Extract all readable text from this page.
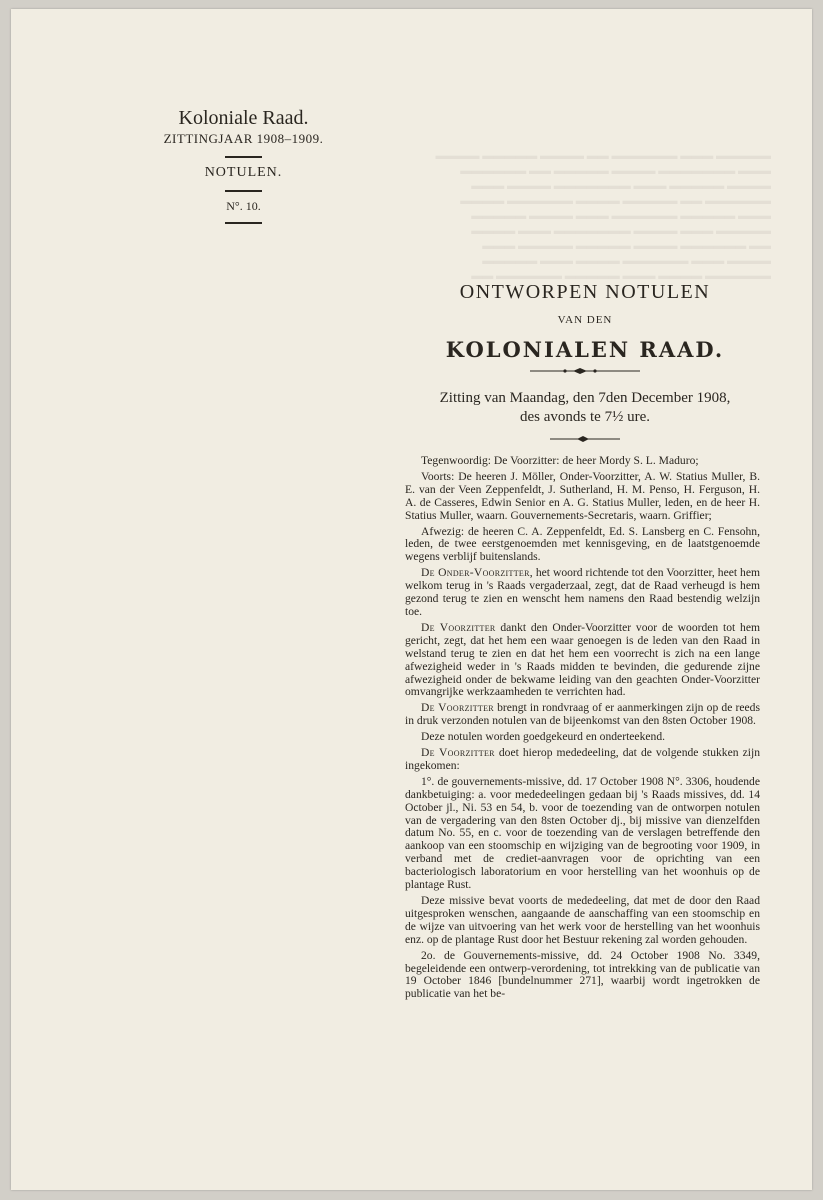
▬▬▬▬▬ ▬▬▬ ▬▬▬▬▬▬ ▬▬ ▬▬▬▬ ▬▬▬▬▬ ▬▬▬▬
▬▬▬ ▬▬▬▬▬▬▬ ▬▬▬▬ ▬▬▬▬▬ ▬▬ ▬▬▬▬▬▬
▬▬▬▬ ▬▬▬▬▬ ▬▬▬ ▬▬▬▬▬▬▬ ▬▬▬▬ ▬▬▬
▬▬▬▬▬▬ ▬▬ ▬▬▬▬▬ ▬▬▬▬ ▬▬▬▬▬▬ ▬▬▬▬
▬▬▬ ▬▬▬▬▬ ▬▬▬▬▬▬ ▬▬▬ ▬▬▬▬ ▬▬▬▬▬
▬▬▬▬▬ ▬▬▬ ▬▬▬▬ ▬▬▬▬▬▬▬ ▬▬▬ ▬▬▬▬
▬▬ ▬▬▬▬▬▬ ▬▬▬▬ ▬▬▬▬▬ ▬▬▬▬▬ ▬▬▬
▬▬▬▬ ▬▬▬ ▬▬▬▬▬▬ ▬▬▬▬ ▬▬▬ ▬▬▬▬▬
▬▬▬▬▬▬ ▬▬▬▬ ▬▬▬ ▬▬▬▬▬ ▬▬▬▬▬▬ ▬▬
Koloniale Raad.
ZITTINGJAAR 1908–1909.
NOTULEN.
N°. 10.
ONTWORPEN NOTULEN
VAN DEN
KOLONIALEN RAAD.
Zitting van Maandag, den 7den December 1908,
des avonds te 7½ ure.

Tegenwoordig: De Voorzitter: de heer Mordy S. L. Maduro;

Voorts: De heeren J. Möller, Onder-Voorzitter, A. W. Statius Muller, B. E. van der Veen Zeppenfeldt, J. Sutherland, H. M. Penso, H. Ferguson, H. A. de Casseres, Edwin Senior en A. G. Statius Muller, leden, en de heer H. Statius Muller, waarn. Gouvernements-Secretaris, waarn. Griffier;

Afwezig: de heeren C. A. Zeppenfeldt, Ed. S. Lansberg en C. Fensohn, leden, de twee eerstgenoemden met kennisgeving, en de laatstgenoemde wegens verblijf buitenslands.

De Onder-Voorzitter, het woord richtende tot den Voorzitter, heet hem welkom terug in 's Raads vergaderzaal, zegt, dat de Raad verheugd is hem gezond terug te zien en wenscht hem namens den Raad bestendig welzijn toe.

De Voorzitter dankt den Onder-Voorzitter voor de woorden tot hem gericht, zegt, dat het hem een waar genoegen is de leden van den Raad in welstand terug te zien en dat het hem een voorrecht is zich na een lange afwezigheid weder in 's Raads midden te bevinden, die gedurende zijne afwezigheid onder de bekwame leiding van den geachten Onder-Voorzitter omvangrijke werkzaamheden te verrichten had.

De Voorzitter brengt in rondvraag of er aanmerkingen zijn op de reeds in druk verzonden notulen van de bijeenkomst van den 8sten October 1908.

Deze notulen worden goedgekeurd en onderteekend.

De Voorzitter doet hierop mededeeling, dat de volgende stukken zijn ingekomen:

1°. de gouvernements-missive, dd. 17 October 1908 N°. 3306, houdende dankbetuiging: a. voor mededeelingen gedaan bij 's Raads missives, dd. 14 October jl., Ni. 53 en 54, b. voor de toezending van de ontworpen notulen van de vergadering van den 8sten October dj., bij missive van dienzelfden datum No. 55, en c. voor de toezending van de verslagen betreffende den aankoop van een stoomschip en wijziging van de begrooting voor 1909, in verband met de crediet-aanvragen voor de oprichting van een bacteriologisch laboratorium en voor herstelling van het woonhuis op de plantage Rust.

Deze missive bevat voorts de mededeeling, dat met de door den Raad uitgesproken wenschen, aangaande de aanschaffing van een stoomschip en de wijze van uitvoering van het werk voor de herstelling van het woonhuis enz. op de plantage Rust door het Bestuur rekening zal worden gehouden.

2o. de Gouvernements-missive, dd. 24 October 1908 No. 3349, begeleidende een ontwerp-verordening, tot intrekking van de publicatie van 19 October 1846 [bundelnummer 271], waarbij wordt ingetrokken de publicatie van het be-
